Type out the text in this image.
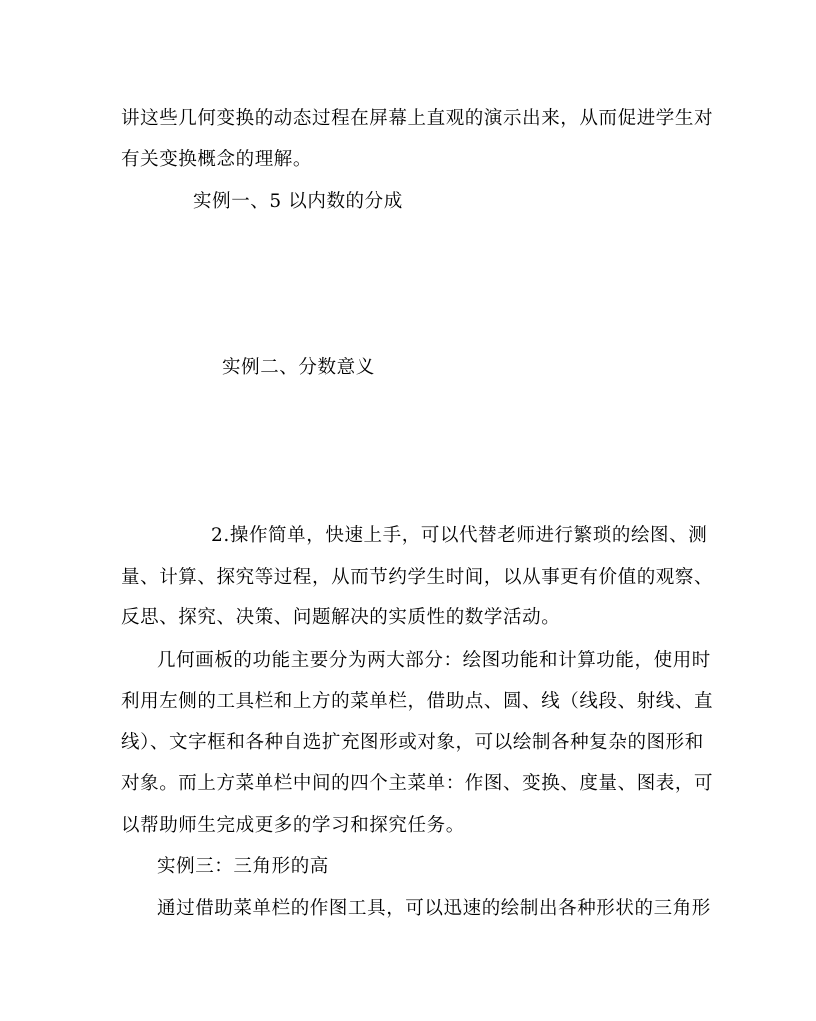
讲这些几何变换的动态过程在屏幕上直观的演示出来，从而促进学生对
有关变换概念的理解。
实例一、5 以内数的分成
实例二、分数意义
2.操作简单，快速上手，可以代替老师进行繁琐的绘图、测
量、计算、探究等过程，从而节约学生时间，以从事更有价值的观察、
反思、探究、决策、问题解决的实质性的数学活动。
几何画板的功能主要分为两大部分：绘图功能和计算功能，使用时
利用左侧的工具栏和上方的菜单栏，借助点、圆、线（线段、射线、直
线）、文字框和各种自选扩充图形或对象，可以绘制各种复杂的图形和
对象。而上方菜单栏中间的四个主菜单：作图、变换、度量、图表，可
以帮助师生完成更多的学习和探究任务。
实例三：三角形的高
通过借助菜单栏的作图工具，可以迅速的绘制出各种形状的三角形
